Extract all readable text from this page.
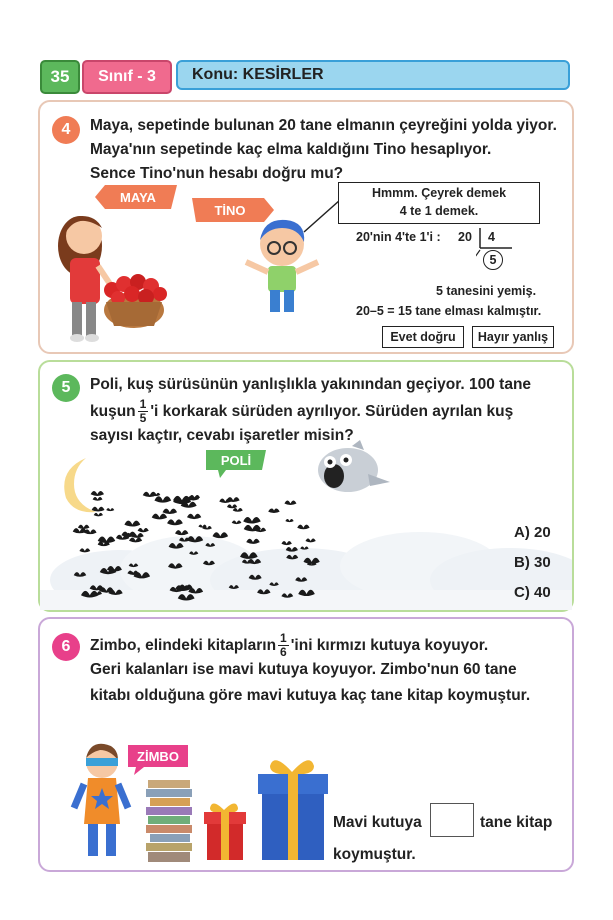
35	Sınıf - 3	Konu: KESİRLER
4	Maya, sepetinde bulunan 20 tane elmanın çeyreğini yolda yiyor.
Maya'nın sepetinde kaç elma kaldığını Tino hesaplıyor.
Sence Tino'nun hesabı doğru mu?
MAYA
TİNO
Hmmm. Çeyrek demek
4 te 1 demek.
20'nin 4'te 1'i : 20 4
5
5 tanesini yemiş.
20–5 = 15 tane elması kalmıştır.
Evet doğru	Hayır yanlış
5	Poli, kuş sürüsünün yanlışlıkla yakınından geçiyor. 100 tane
kuşun $\frac{1}{5}$ 'i korkarak sürüden ayrılıyor. Sürüden ayrılan kuş
sayısı kaçtır, cevabı işaretler misin?
POLİ
A) 20
B) 30
C) 40
6	Zimbo, elindeki kitapların $\frac{1}{6}$ 'ini kırmızı kutuya koyuyor.
Geri kalanları ise mavi kutuya koyuyor. Zimbo'nun 60 tane
kitabı olduğuna göre mavi kutuya kaç tane kitap koymuştur.
ZİMBO
Mavi kutuya	tane kitap
koymuştur.
